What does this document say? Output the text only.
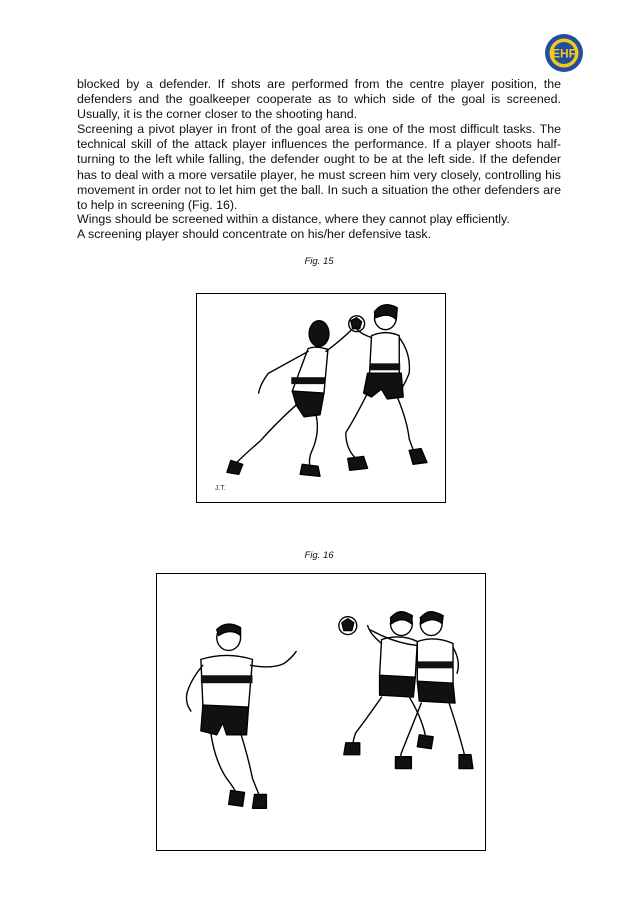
EHF

blocked by a defender. If shots are performed from the centre player position, the defenders and the goalkeeper cooperate as to which side of the goal is screened. Usually, it is the corner closer to the shooting hand.

Screening a pivot player in front of the goal area is one of the most difficult tasks. The technical skill of the attack player influences the performance. If a player shoots half-turning to the left while falling, the defender ought to be at the left side. If the defender has to deal with a more versatile player, he must screen him very closely, controlling his movement in order not to let him get the ball. In such a situation the other defenders are to help in screening (Fig. 16).

Wings should be screened within a distance, where they cannot play efficiently.

A screening player should concentrate on his/her defensive task.

Fig. 15
J.T.
Fig. 16
